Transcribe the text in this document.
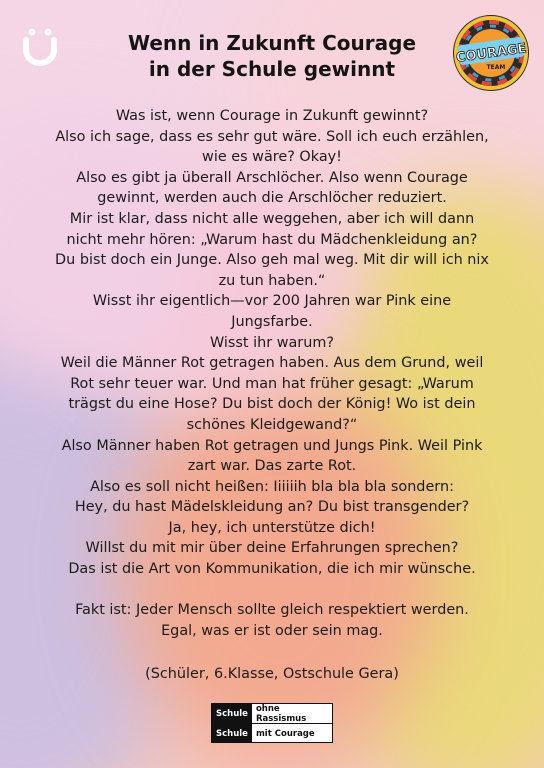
COURAGE
TEAM
Wenn in Zukunft Courage
in der Schule gewinnt

Was ist, wenn Courage in Zukunft gewinnt?

Also ich sage, dass es sehr gut wäre. Soll ich euch erzählen,

wie es wäre? Okay!

Also es gibt ja überall Arschlöcher. Also wenn Courage

gewinnt, werden auch die Arschlöcher reduziert.

Mir ist klar, dass nicht alle weggehen, aber ich will dann

nicht mehr hören: „Warum hast du Mädchenkleidung an?

Du bist doch ein Junge. Also geh mal weg. Mit dir will ich nix

zu tun haben.“

Wisst ihr eigentlich—vor 200 Jahren war Pink eine

Jungsfarbe.

Wisst ihr warum?

Weil die Männer Rot getragen haben. Aus dem Grund, weil

Rot sehr teuer war. Und man hat früher gesagt: „Warum

trägst du eine Hose? Du bist doch der König! Wo ist dein

schönes Kleidgewand?“

Also Männer haben Rot getragen und Jungs Pink. Weil Pink

zart war. Das zarte Rot.

Also es soll nicht heißen: Iiiiiih bla bla bla sondern:

Hey, du hast Mädelskleidung an? Du bist transgender?

Ja, hey, ich unterstütze dich!

Willst du mit mir über deine Erfahrungen sprechen?

Das ist die Art von Kommunikation, die ich mir wünsche.

Fakt ist: Jeder Mensch sollte gleich respektiert werden.

Egal, was er ist oder sein mag.

(Schüler, 6.Klasse, Ostschule Gera)
Schule ohne Rassismus
Schule mit Courage
